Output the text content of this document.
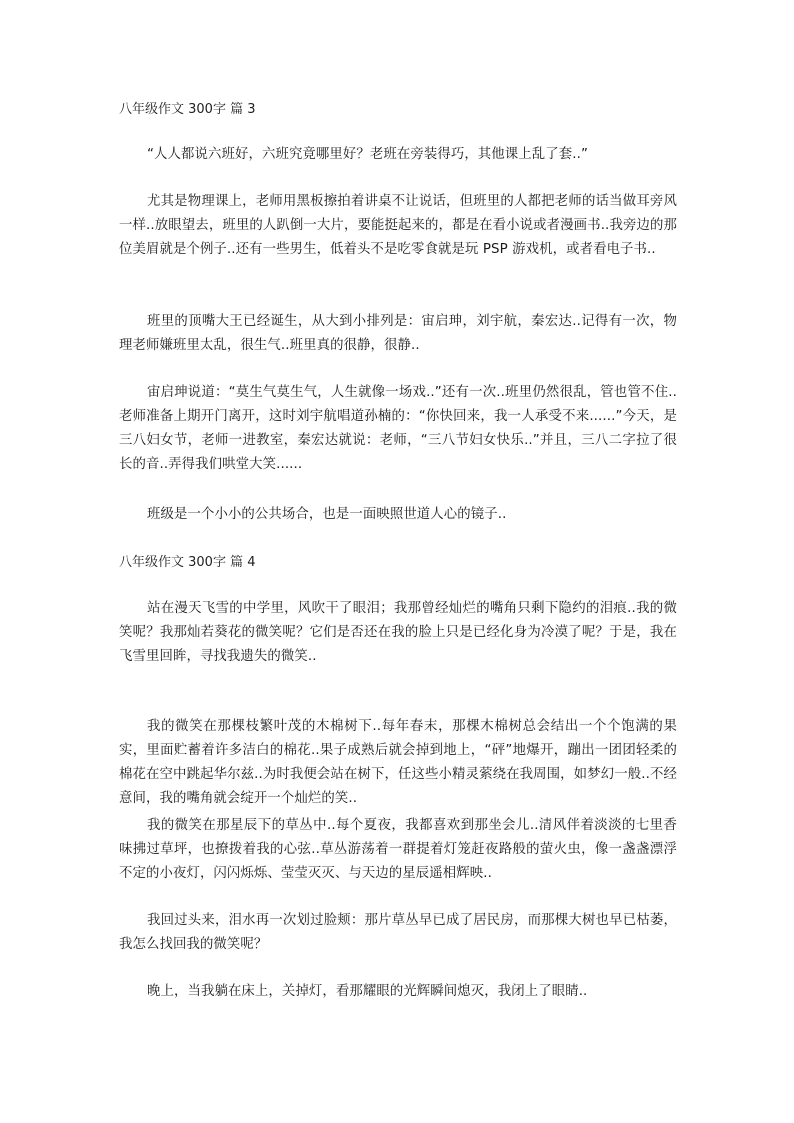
八年级作文 300字 篇 3

“人人都说六班好，六班究竟哪里好？老班在旁装得巧，其他课上乱了套..”

尤其是物理课上，老师用黑板擦拍着讲桌不让说话，但班里的人都把老师的话当做耳旁风一样..放眼望去，班里的人趴倒一大片，要能挺起来的，都是在看小说或者漫画书..我旁边的那位美眉就是个例子..还有一些男生，低着头不是吃零食就是玩 PSP 游戏机，或者看电子书..

班里的顶嘴大王已经诞生，从大到小排列是：宙启珅，刘宇航，秦宏达..记得有一次，物理老师嫌班里太乱，很生气..班里真的很静，很静..

宙启珅说道：“莫生气莫生气，人生就像一场戏..”还有一次..班里仍然很乱，管也管不住..老师准备上期开门离开，这时刘宇航唱道孙楠的：“你快回来，我一人承受不来......”今天，是三八妇女节，老师一进教室，秦宏达就说：老师，“三八节妇女快乐..”并且，三八二字拉了很长的音..弄得我们哄堂大笑......

班级是一个小小的公共场合，也是一面映照世道人心的镜子..

八年级作文 300字 篇 4

站在漫天飞雪的中学里，风吹干了眼泪；我那曾经灿烂的嘴角只剩下隐约的泪痕..我的微笑呢？我那灿若葵花的微笑呢？它们是否还在我的脸上只是已经化身为冷漠了呢？于是，我在飞雪里回眸，寻找我遗失的微笑..

我的微笑在那棵枝繁叶茂的木棉树下..每年春末，那棵木棉树总会结出一个个饱满的果实，里面贮蓄着许多洁白的棉花..果子成熟后就会掉到地上，“砰”地爆开，蹦出一团团轻柔的棉花在空中跳起华尔兹..为时我便会站在树下，任这些小精灵萦绕在我周围，如梦幻一般..不经意间，我的嘴角就会绽开一个灿烂的笑..

我的微笑在那星辰下的草丛中..每个夏夜，我都喜欢到那坐会儿..清风伴着淡淡的七里香味拂过草坪，也撩拨着我的心弦..草丛游荡着一群提着灯笼赶夜路般的萤火虫，像一盏盏漂浮不定的小夜灯，闪闪烁烁、莹莹灭灭、与天边的星辰遥相辉映..

我回过头来，泪水再一次划过脸颊：那片草丛早已成了居民房，而那棵大树也早已枯萎，我怎么找回我的微笑呢？

晚上，当我躺在床上，关掉灯，看那耀眼的光辉瞬间熄灭，我闭上了眼睛..
